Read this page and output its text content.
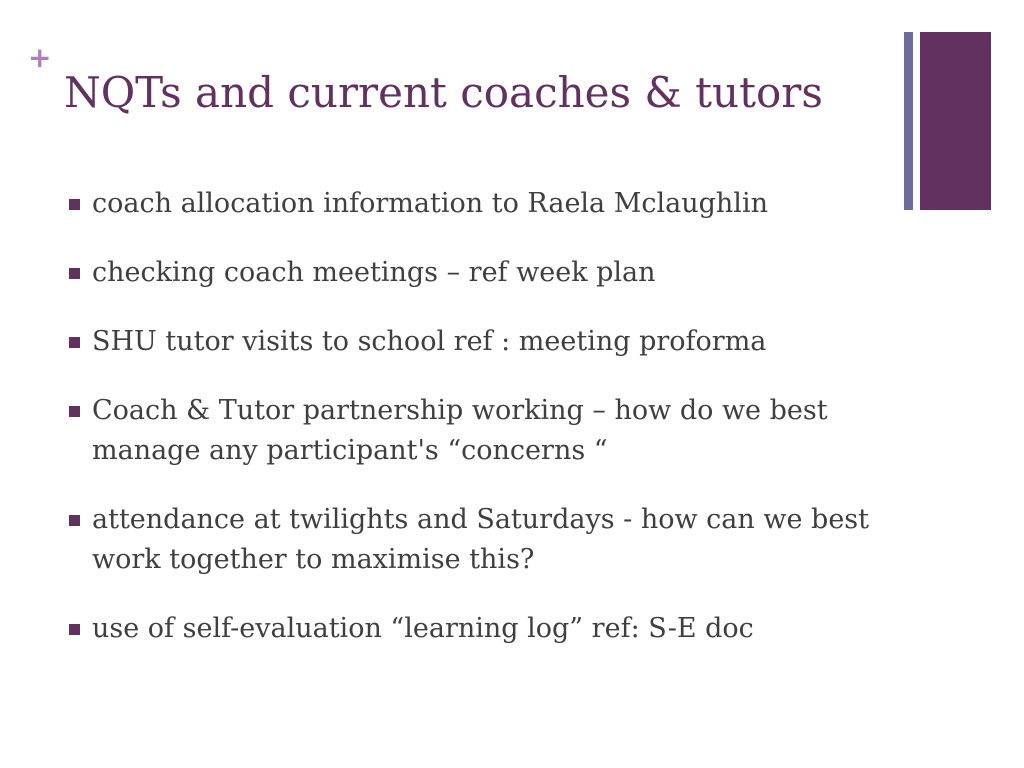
+
NQTs and current coaches & tutors
coach allocation information to Raela Mclaughlin
checking coach meetings – ref week plan
SHU tutor visits to school ref : meeting proforma
Coach & Tutor partnership working – how do we best manage any participant's “concerns “
attendance at twilights and Saturdays - how can we best work together to maximise this?
use of self-evaluation “learning log” ref: S-E doc
